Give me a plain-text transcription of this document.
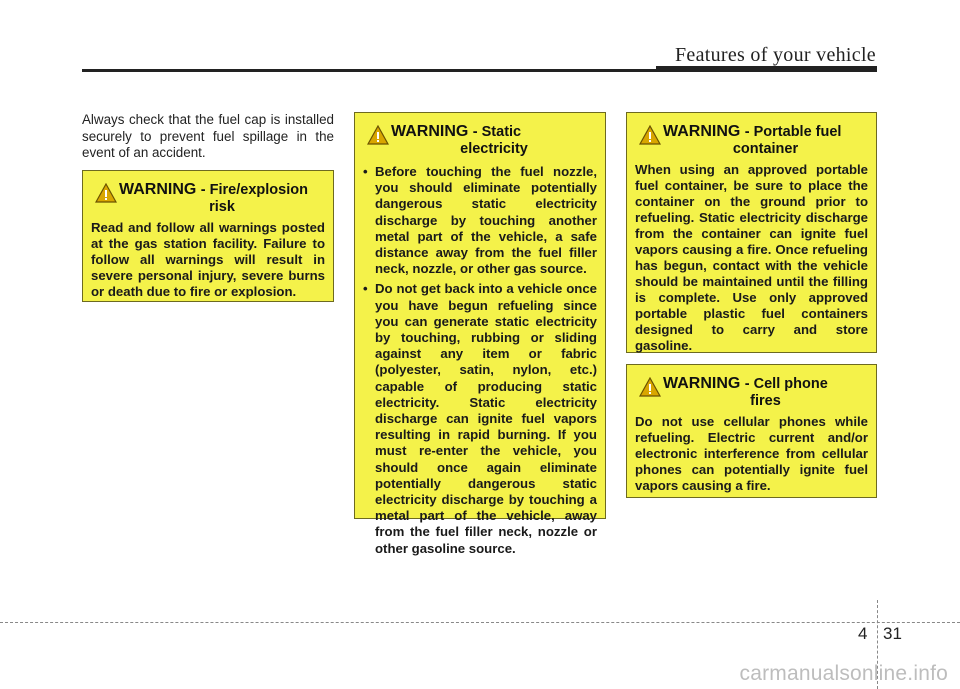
Features of your vehicle

Always check that the fuel cap is installed securely to prevent fuel spillage in the event of an accident.

WARNING - Fire/explosion
risk

Read and follow all warnings posted at the gas station facility. Failure to follow all warnings will result in severe personal injury, severe burns or death due to fire or explosion.

WARNING - Static
electricity
• Before touching the fuel nozzle, you should eliminate potentially dangerous static electricity discharge by touching another metal part of the vehicle, a safe distance away from the fuel filler neck, nozzle, or other gas source.
• Do not get back into a vehicle once you have begun refueling since you can generate static electricity by touching, rubbing or sliding against any item or fabric (polyester, satin, nylon, etc.) capable of producing static electricity. Static electricity discharge can ignite fuel vapors resulting in rapid burning. If you must re-enter the vehicle, you should once again eliminate potentially dangerous static electricity discharge by touching a metal part of the vehicle, away from the fuel filler neck, nozzle or other gasoline source.
WARNING - Portable fuel
container

When using an approved portable fuel container, be sure to place the container on the ground prior to refueling. Static electricity discharge from the container can ignite fuel vapors causing a fire. Once refueling has begun, contact with the vehicle should be maintained until the filling is complete. Use only approved portable plastic fuel containers designed to carry and store gasoline.

WARNING - Cell phone
fires

Do not use cellular phones while refueling. Electric current and/or electronic interference from cellular phones can potentially ignite fuel vapors causing a fire.

4 31
carmanualsonline.info
